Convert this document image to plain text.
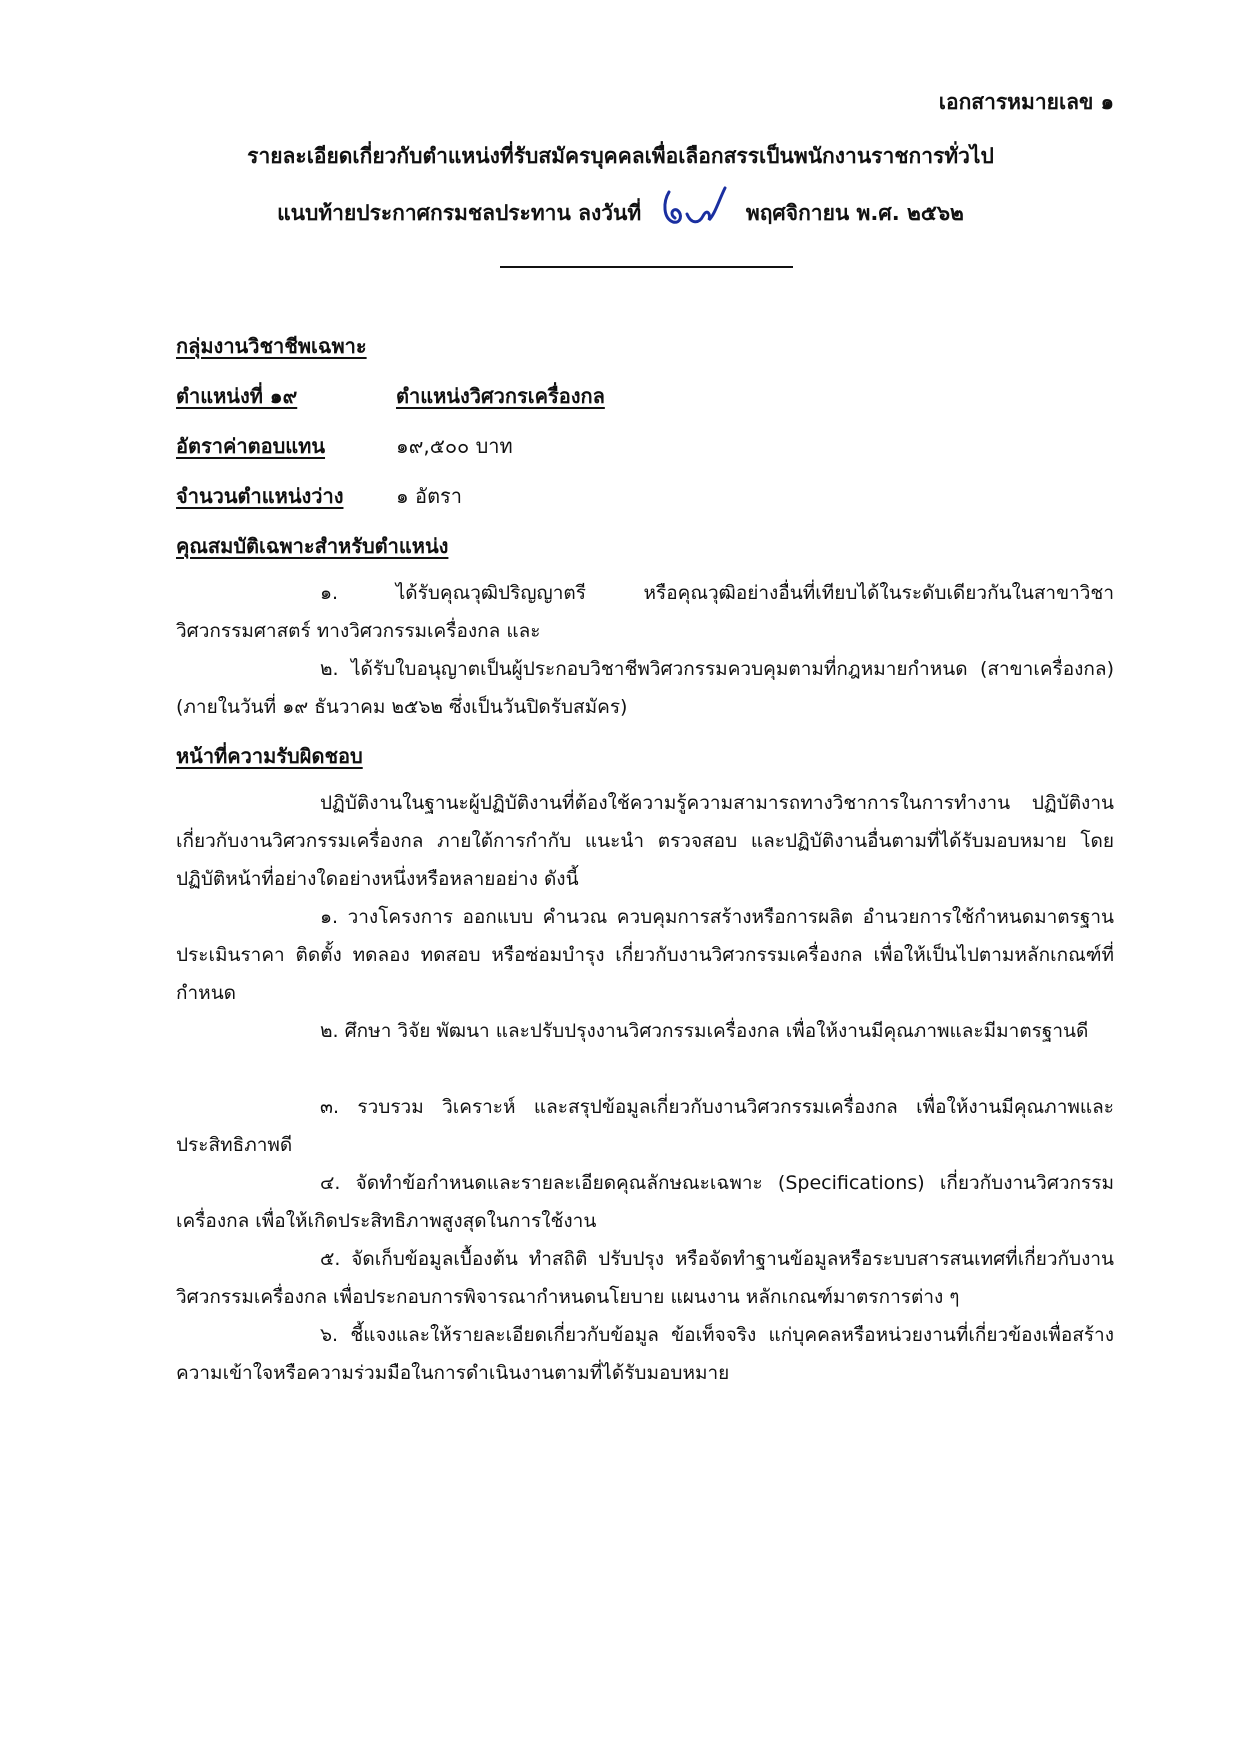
เอกสารหมายเลข ๑
รายละเอียดเกี่ยวกับตำแหน่งที่รับสมัครบุคคลเพื่อเลือกสรรเป็นพนักงานราชการทั่วไป
แนบท้ายประกาศกรมชลประทาน ลงวันที่	พฤศจิกายน พ.ศ. ๒๕๖๒
กลุ่มงานวิชาชีพเฉพาะ
ตำแหน่งที่ ๑๙	ตำแหน่งวิศวกรเครื่องกล
อัตราค่าตอบแทน	๑๙,๕๐๐ บาท
จำนวนตำแหน่งว่าง	๑ อัตรา
คุณสมบัติเฉพาะสำหรับตำแหน่ง

๑. ได้รับคุณวุฒิปริญญาตรี หรือคุณวุฒิอย่างอื่นที่เทียบได้ในระดับเดียวกันในสาขาวิชาวิศวกรรมศาสตร์ ทางวิศวกรรมเครื่องกล และ

๒. ได้รับใบอนุญาตเป็นผู้ประกอบวิชาชีพวิศวกรรมควบคุมตามที่กฎหมายกำหนด (สาขาเครื่องกล) (ภายในวันที่ ๑๙ ธันวาคม ๒๕๖๒ ซึ่งเป็นวันปิดรับสมัคร)

หน้าที่ความรับผิดชอบ

ปฏิบัติงานในฐานะผู้ปฏิบัติงานที่ต้องใช้ความรู้ความสามารถทางวิชาการในการทำงาน ปฏิบัติงานเกี่ยวกับงานวิศวกรรมเครื่องกล ภายใต้การกำกับ แนะนำ ตรวจสอบ และปฏิบัติงานอื่นตามที่ได้รับมอบหมาย โดยปฏิบัติหน้าที่อย่างใดอย่างหนึ่งหรือหลายอย่าง ดังนี้

๑. วางโครงการ ออกแบบ คำนวณ ควบคุมการสร้างหรือการผลิต อำนวยการใช้กำหนดมาตรฐาน ประเมินราคา ติดตั้ง ทดลอง ทดสอบ หรือซ่อมบำรุง เกี่ยวกับงานวิศวกรรมเครื่องกล เพื่อให้เป็นไปตามหลักเกณฑ์ที่กำหนด

๒. ศึกษา วิจัย พัฒนา และปรับปรุงงานวิศวกรรมเครื่องกล เพื่อให้งานมีคุณภาพและมีมาตรฐานดี

๓. รวบรวม วิเคราะห์ และสรุปข้อมูลเกี่ยวกับงานวิศวกรรมเครื่องกล เพื่อให้งานมีคุณภาพและประสิทธิภาพดี

๔. จัดทำข้อกำหนดและรายละเอียดคุณลักษณะเฉพาะ (Specifications) เกี่ยวกับงานวิศวกรรมเครื่องกล เพื่อให้เกิดประสิทธิภาพสูงสุดในการใช้งาน

๕. จัดเก็บข้อมูลเบื้องต้น ทำสถิติ ปรับปรุง หรือจัดทำฐานข้อมูลหรือระบบสารสนเทศที่เกี่ยวกับงานวิศวกรรมเครื่องกล เพื่อประกอบการพิจารณากำหนดนโยบาย แผนงาน หลักเกณฑ์มาตรการต่าง ๆ

๖. ชี้แจงและให้รายละเอียดเกี่ยวกับข้อมูล ข้อเท็จจริง แก่บุคคลหรือหน่วยงานที่เกี่ยวข้องเพื่อสร้างความเข้าใจหรือความร่วมมือในการดำเนินงานตามที่ได้รับมอบหมาย
